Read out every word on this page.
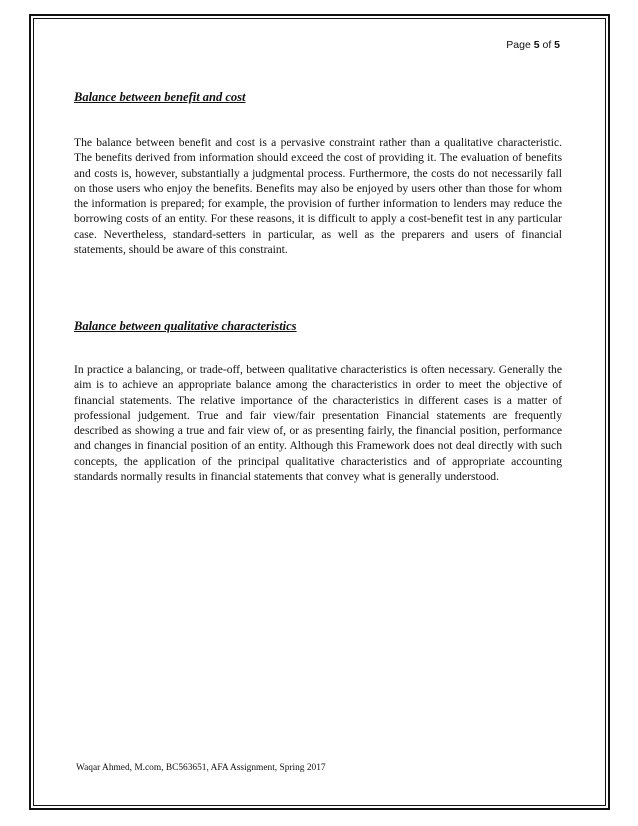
Page 5 of 5

Balance between benefit and cost

The balance between benefit and cost is a pervasive constraint rather than a qualitative characteristic. The benefits derived from information should exceed the cost of providing it. The evaluation of benefits and costs is, however, substantially a judgmental process. Furthermore, the costs do not necessarily fall on those users who enjoy the benefits. Benefits may also be enjoyed by users other than those for whom the information is prepared; for example, the provision of further information to lenders may reduce the borrowing costs of an entity. For these reasons, it is difficult to apply a cost-benefit test in any particular case. Nevertheless, standard-setters in particular, as well as the preparers and users of financial statements, should be aware of this constraint.

Balance between qualitative characteristics

In practice a balancing, or trade-off, between qualitative characteristics is often necessary. Generally the aim is to achieve an appropriate balance among the characteristics in order to meet the objective of financial statements. The relative importance of the characteristics in different cases is a matter of professional judgement. True and fair view/fair presentation Financial statements are frequently described as showing a true and fair view of, or as presenting fairly, the financial position, performance and changes in financial position of an entity. Although this Framework does not deal directly with such concepts, the application of the principal qualitative characteristics and of appropriate accounting standards normally results in financial statements that convey what is generally understood.

Waqar Ahmed, M.com, BC563651, AFA Assignment, Spring 2017
